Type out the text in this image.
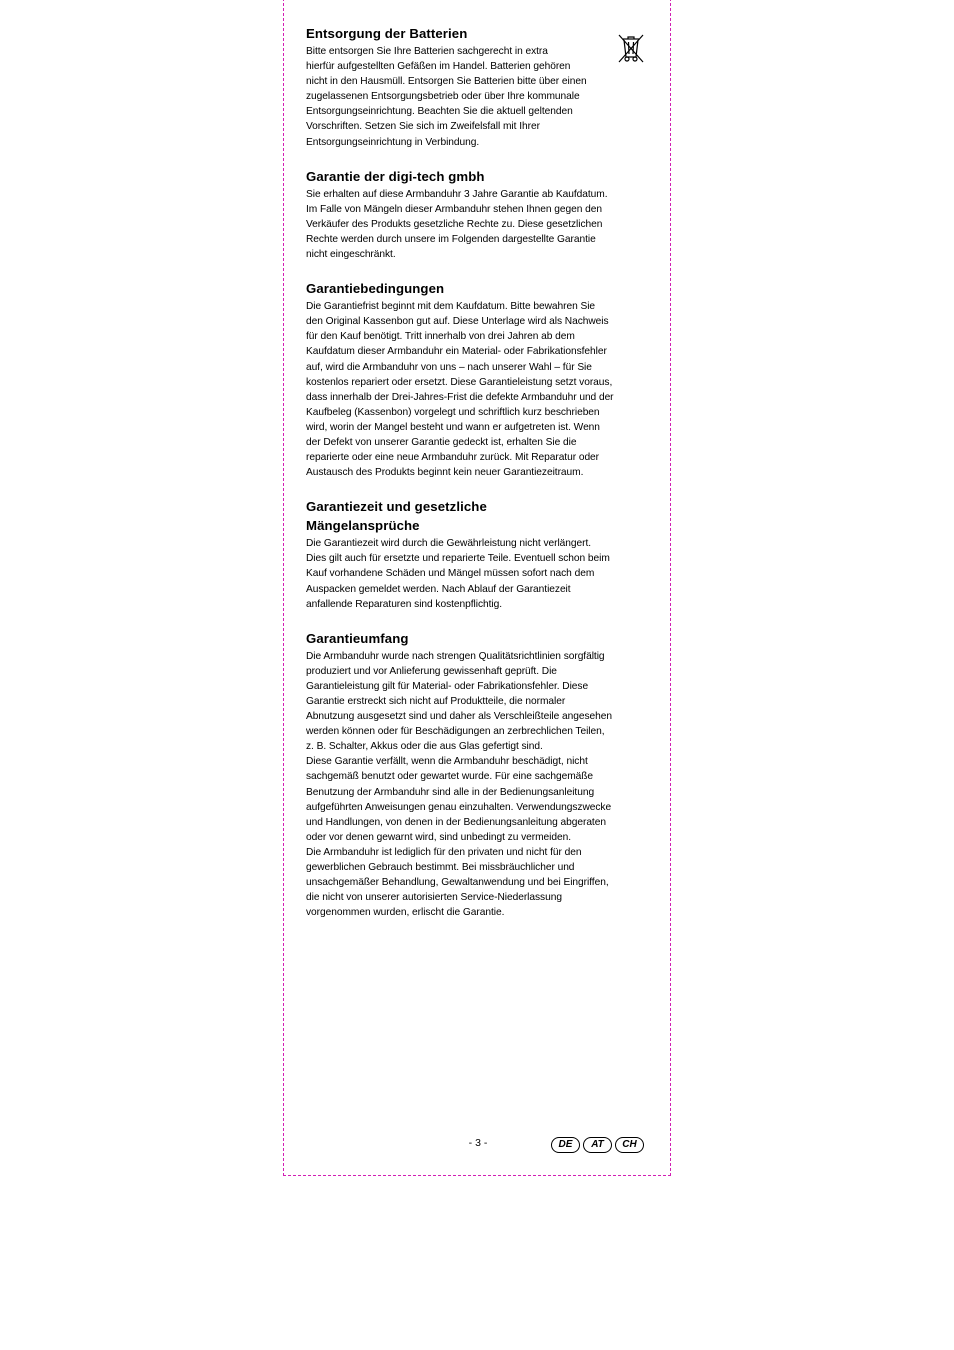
Entsorgung der Batterien

Bitte entsorgen Sie Ihre Batterien sachgerecht in extra
hierfür aufgestellten Gefäßen im Handel. Batterien gehören
nicht in den Hausmüll. Entsorgen Sie Batterien bitte über einen
zugelassenen Entsorgungsbetrieb oder über Ihre kommunale
Entsorgungseinrichtung. Beachten Sie die aktuell geltenden
Vorschriften. Setzen Sie sich im Zweifelsfall mit Ihrer
Entsorgungseinrichtung in Verbindung.

Garantie der digi-tech gmbh

Sie erhalten auf diese Armbanduhr 3 Jahre Garantie ab Kaufdatum.
Im Falle von Mängeln dieser Armbanduhr stehen Ihnen gegen den
Verkäufer des Produkts gesetzliche Rechte zu. Diese gesetzlichen
Rechte werden durch unsere im Folgenden dargestellte Garantie
nicht eingeschränkt.

Garantiebedingungen

Die Garantiefrist beginnt mit dem Kaufdatum. Bitte bewahren Sie
den Original Kassenbon gut auf. Diese Unterlage wird als Nachweis
für den Kauf benötigt. Tritt innerhalb von drei Jahren ab dem
Kaufdatum dieser Armbanduhr ein Material- oder Fabrikationsfehler
auf, wird die Armbanduhr von uns – nach unserer Wahl – für Sie
kostenlos repariert oder ersetzt. Diese Garantieleistung setzt voraus,
dass innerhalb der Drei-Jahres-Frist die defekte Armbanduhr und der
Kaufbeleg (Kassenbon) vorgelegt und schriftlich kurz beschrieben
wird, worin der Mangel besteht und wann er aufgetreten ist. Wenn
der Defekt von unserer Garantie gedeckt ist, erhalten Sie die
reparierte oder eine neue Armbanduhr zurück. Mit Reparatur oder
Austausch des Produkts beginnt kein neuer Garantiezeitraum.

Garantiezeit und gesetzliche
Mängelansprüche

Die Garantiezeit wird durch die Gewährleistung nicht verlängert.
Dies gilt auch für ersetzte und reparierte Teile. Eventuell schon beim
Kauf vorhandene Schäden und Mängel müssen sofort nach dem
Auspacken gemeldet werden. Nach Ablauf der Garantiezeit
anfallende Reparaturen sind kostenpflichtig.

Garantieumfang

Die Armbanduhr wurde nach strengen Qualitätsrichtlinien sorgfältig
produziert und vor Anlieferung gewissenhaft geprüft. Die
Garantieleistung gilt für Material- oder Fabrikationsfehler. Diese
Garantie erstreckt sich nicht auf Produktteile, die normaler
Abnutzung ausgesetzt sind und daher als Verschleißteile angesehen
werden können oder für Beschädigungen an zerbrechlichen Teilen,
z. B. Schalter, Akkus oder die aus Glas gefertigt sind.
Diese Garantie verfällt, wenn die Armbanduhr beschädigt, nicht
sachgemäß benutzt oder gewartet wurde. Für eine sachgemäße
Benutzung der Armbanduhr sind alle in der Bedienungsanleitung
aufgeführten Anweisungen genau einzuhalten. Verwendungszwecke
und Handlungen, von denen in der Bedienungsanleitung abgeraten
oder vor denen gewarnt wird, sind unbedingt zu vermeiden.
Die Armbanduhr ist lediglich für den privaten und nicht für den
gewerblichen Gebrauch bestimmt. Bei missbräuchlicher und
unsachgemäßer Behandlung, Gewaltanwendung und bei Eingriffen,
die nicht von unserer autorisierten Service-Niederlassung
vorgenommen wurden, erlischt die Garantie.

- 3 -	DE	AT	CH
